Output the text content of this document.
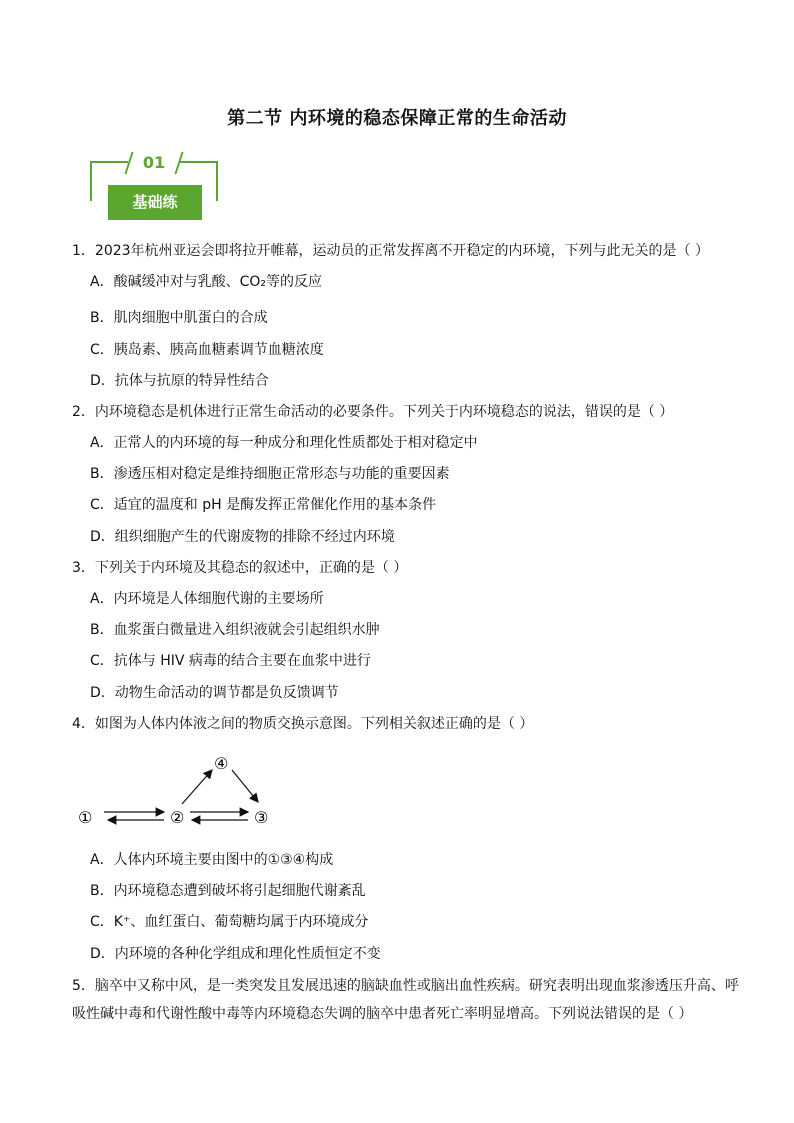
第二节 内环境的稳态保障正常的生命活动
01
基础练
1．2023年杭州亚运会即将拉开帷幕，运动员的正常发挥离不开稳定的内环境，下列与此无关的是（ ）
A．酸碱缓冲对与乳酸、CO₂等的反应
B．肌肉细胞中肌蛋白的合成
C．胰岛素、胰高血糖素调节血糖浓度
D．抗体与抗原的特异性结合
2．内环境稳态是机体进行正常生命活动的必要条件。下列关于内环境稳态的说法，错误的是（ ）
A．正常人的内环境的每一种成分和理化性质都处于相对稳定中
B．渗透压相对稳定是维持细胞正常形态与功能的重要因素
C．适宜的温度和 pH 是酶发挥正常催化作用的基本条件
D．组织细胞产生的代谢废物的排除不经过内环境
3．下列关于内环境及其稳态的叙述中，正确的是（ ）
A．内环境是人体细胞代谢的主要场所
B．血浆蛋白微量进入组织液就会引起组织水肿
C．抗体与 HIV 病毒的结合主要在血浆中进行
D．动物生命活动的调节都是负反馈调节
4．如图为人体内体液之间的物质交换示意图。下列相关叙述正确的是（ ）
①	②	③
④
A．人体内环境主要由图中的①③④构成
B．内环境稳态遭到破坏将引起细胞代谢紊乱
C．K⁺、血红蛋白、葡萄糖均属于内环境成分
D．内环境的各种化学组成和理化性质恒定不变
5．脑卒中又称中风，是一类突发且发展迅速的脑缺血性或脑出血性疾病。研究表明出现血浆渗透压升高、呼吸性碱中毒和代谢性酸中毒等内环境稳态失调的脑卒中患者死亡率明显增高。下列说法错误的是（ ）
